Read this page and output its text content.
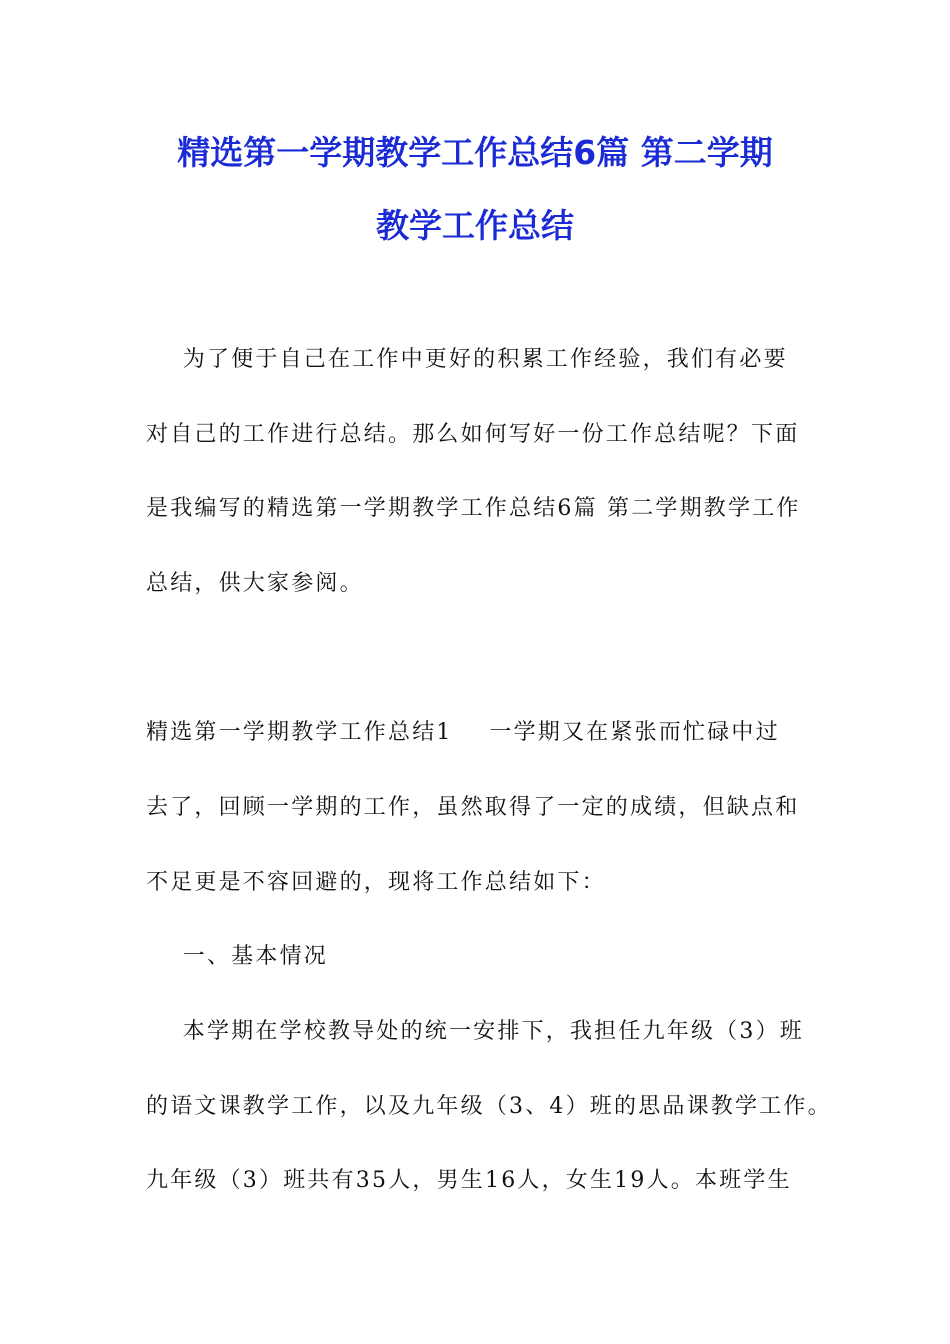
精选第一学期教学工作总结6篇 第二学期
教学工作总结
为了便于自己在工作中更好的积累工作经验，我们有必要
对自己的工作进行总结。那么如何写好一份工作总结呢？下面
是我编写的精选第一学期教学工作总结6篇 第二学期教学工作
总结，供大家参阅。
精选第一学期教学工作总结1    一学期又在紧张而忙碌中过
去了，回顾一学期的工作，虽然取得了一定的成绩，但缺点和
不足更是不容回避的，现将工作总结如下：
一、基本情况
本学期在学校教导处的统一安排下，我担任九年级（3）班
的语文课教学工作，以及九年级（3、4）班的思品课教学工作。
九年级（3）班共有35人，男生16人，女生19人。本班学生
